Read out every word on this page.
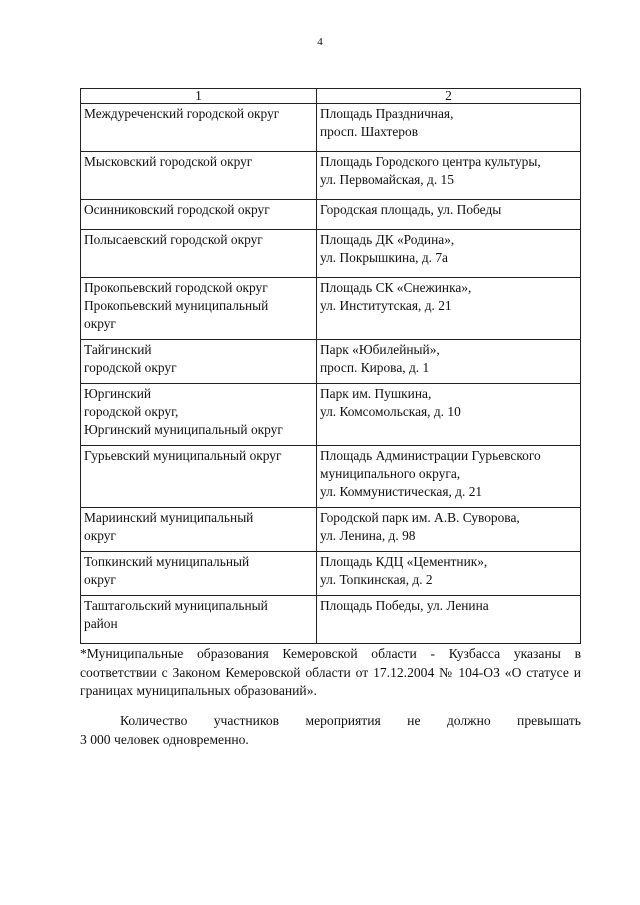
4
1	2

Междуреченский городской округ	Площадь Праздничная,
просп. Шахтеров

Мысковский городской округ	Площадь Городского центра культуры,
ул. Первомайская, д. 15

Осинниковский городской округ	Городская площадь, ул. Победы

Полысаевский городской округ	Площадь ДК «Родина»,
ул. Покрышкина, д. 7а

Прокопьевский городской округ
Прокопьевский муниципальный
округ	Площадь СК «Снежинка»,
ул. Институтская, д. 21

Тайгинский
городской округ	Парк «Юбилейный»,
просп. Кирова, д. 1

Юргинский
городской округ,
Юргинский муниципальный округ	Парк им. Пушкина,
ул. Комсомольская, д. 10

Гурьевский муниципальный округ	Площадь Администрации Гурьевского
муниципального округа,
ул. Коммунистическая, д. 21

Мариинский муниципальный
округ	Городской парк им. А.В. Суворова,
ул. Ленина, д. 98

Топкинский муниципальный
округ	Площадь КДЦ «Цементник»,
ул. Топкинская, д. 2

Таштагольский муниципальный
район	Площадь Победы, ул. Ленина

*Муниципальные образования Кемеровской области - Кузбасса указаны в соответствии с Законом Кемеровской области от 17.12.2004 № 104-ОЗ «О статусе и границах муниципальных образований».

Количество участников мероприятия не должно превышать
3 000 человек одновременно.
